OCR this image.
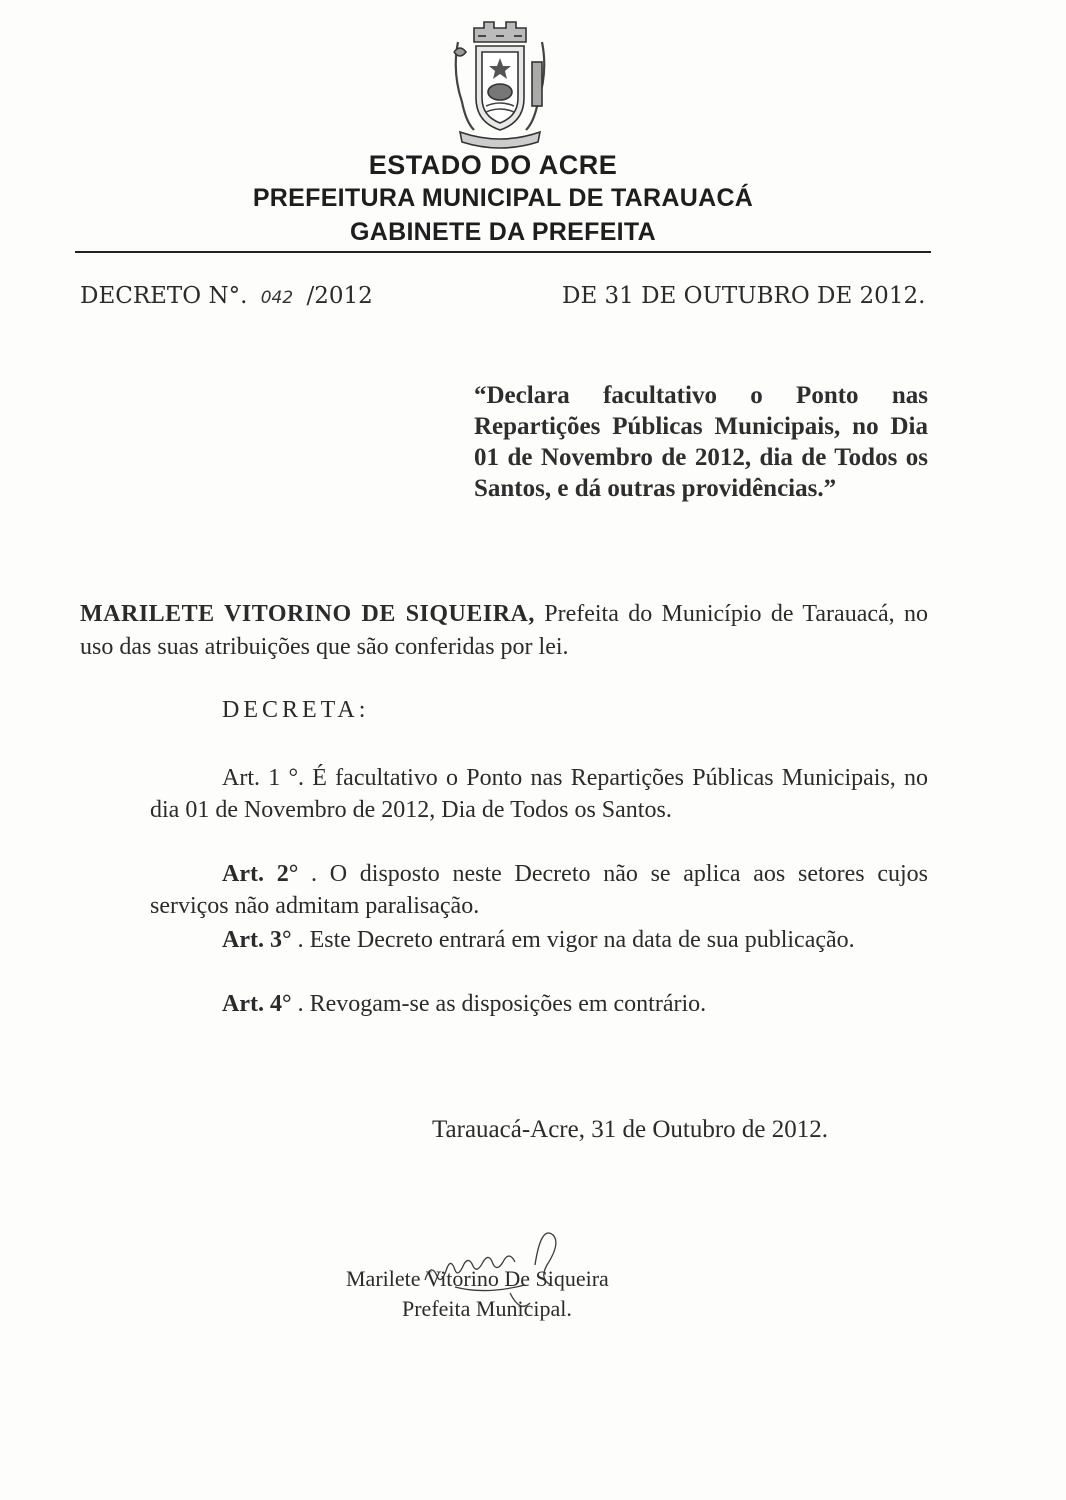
ESTADO DO ACRE
PREFEITURA MUNICIPAL DE TARAUACÁ
GABINETE DA PREFEITA
DECRETO N°. 042 /2012	DE 31 DE OUTUBRO DE 2012.
“Declara facultativo o Ponto nas Repartições Públicas Municipais, no Dia 01 de Novembro de 2012, dia de Todos os Santos, e dá outras providências.”
MARILETE VITORINO DE SIQUEIRA, Prefeita do Município de Tarauacá, no uso das suas atribuições que são conferidas por lei.
DECRETA:
Art. 1 °. É facultativo o Ponto nas Repartições Públicas Municipais, no dia 01 de Novembro de 2012, Dia de Todos os Santos.
Art. 2° . O disposto neste Decreto não se aplica aos setores cujos serviços não admitam paralisação.
Art. 3° . Este Decreto entrará em vigor na data de sua publicação.
Art. 4° . Revogam-se as disposições em contrário.
Tarauacá-Acre, 31 de Outubro de 2012.
Marilete Vitorino De Siqueira
Prefeita Municipal.
